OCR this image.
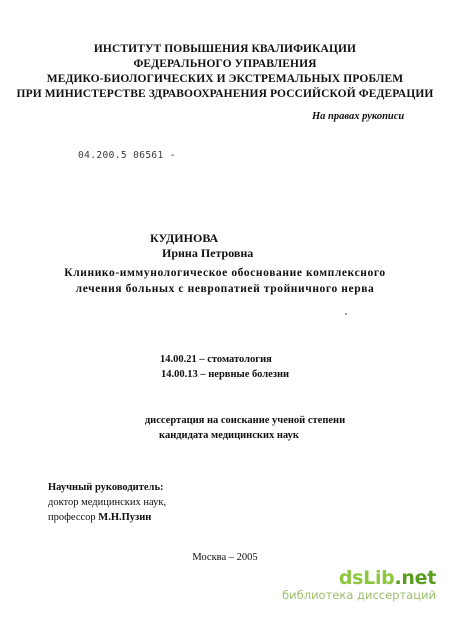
ИНСТИТУТ ПОВЫШЕНИЯ КВАЛИФИКАЦИИ
ФЕДЕРАЛЬНОГО УПРАВЛЕНИЯ
МЕДИКО-БИОЛОГИЧЕСКИХ И ЭКСТРЕМАЛЬНЫХ ПРОБЛЕМ
ПРИ МИНИСТЕРСТВЕ ЗДРАВООХРАНЕНИЯ РОССИЙСКОЙ ФЕДЕРАЦИИ
На правах рукописи
04.200.5 06561 -
КУДИНОВА
Ирина Петровна
Клинико-иммунологическое обоснование комплексного
лечения больных с невропатией тройничного нерва
14.00.21 – стоматология
14.00.13 – нервные болезни
диссертация на соискание ученой степени
кандидата медицинских наук
Научный руководитель:
доктор медицинских наук,
профессор М.Н.Пузин
Москва – 2005
dsLib.net
библиотека диссертаций
